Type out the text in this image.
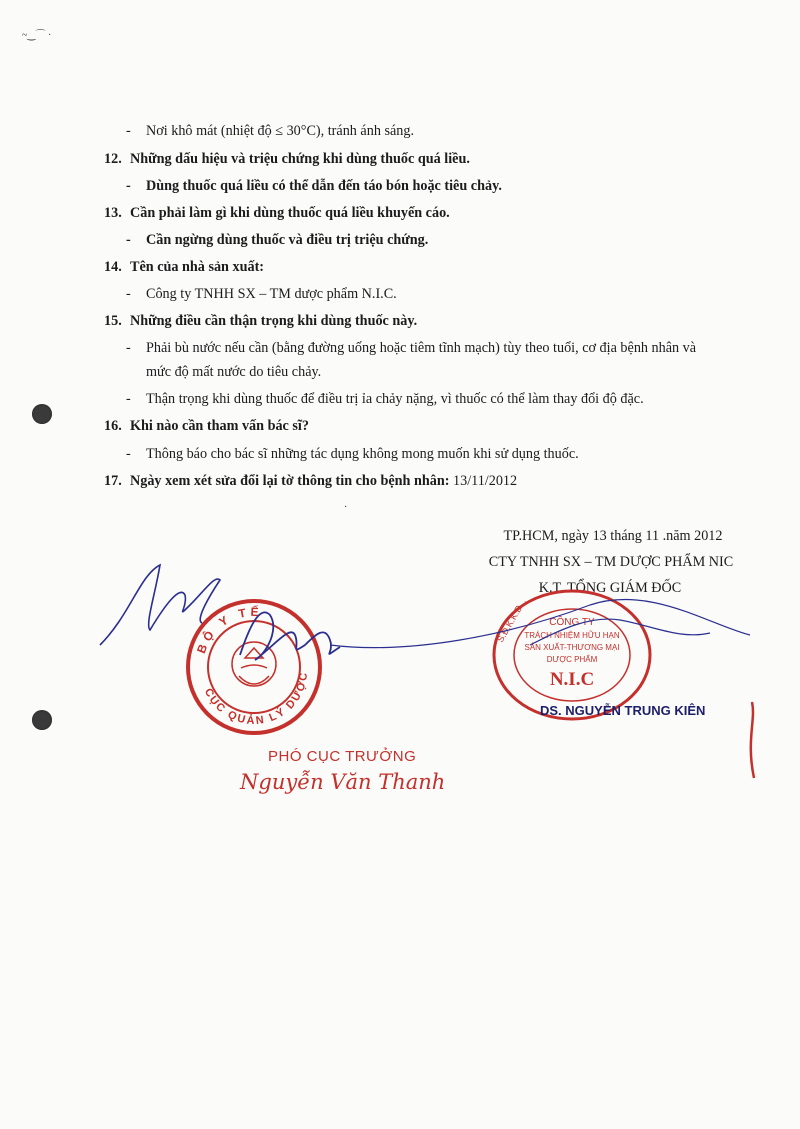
~‿⌒ ·
- Nơi khô mát (nhiệt độ ≤ 30°C), tránh ánh sáng.
12. Những dấu hiệu và triệu chứng khi dùng thuốc quá liều.
- Dùng thuốc quá liều có thể dẫn đến táo bón hoặc tiêu chảy.
13. Cần phải làm gì khi dùng thuốc quá liều khuyến cáo.
- Cần ngừng dùng thuốc và điều trị triệu chứng.
14. Tên của nhà sản xuất:
- Công ty TNHH SX – TM dược phẩm N.I.C.
15. Những điều cần thận trọng khi dùng thuốc này.
- Phải bù nước nếu cần (bằng đường uống hoặc tiêm tĩnh mạch) tùy theo tuổi, cơ địa bệnh nhân và
mức độ mất nước do tiêu chảy.
- Thận trọng khi dùng thuốc để điều trị ỉa chảy nặng, vì thuốc có thể làm thay đổi độ đặc.
16. Khi nào cần tham vấn bác sĩ?
- Thông báo cho bác sĩ những tác dụng không mong muốn khi sử dụng thuốc.
17. Ngày xem xét sửa đổi lại tờ thông tin cho bệnh nhân: 13/11/2012
TP.HCM, ngày 13 tháng 11 .năm 2012
CTY TNHH SX – TM DƯỢC PHẨM NIC
K.T. TỔNG GIÁM ĐỐC
S.Đ.K.K.D... CÔNG TY
TRÁCH NHIỆM HỮU HẠN
SẢN XUẤT-THƯƠNG MẠI
DƯỢC PHẨM
N.I.C
DS. NGUYỄN TRUNG KIÊN
BỘ Y TẾ
CỤC QUẢN LÝ DƯỢC
PHÓ CỤC TRƯỞNG
Nguyễn Văn Thanh
·
